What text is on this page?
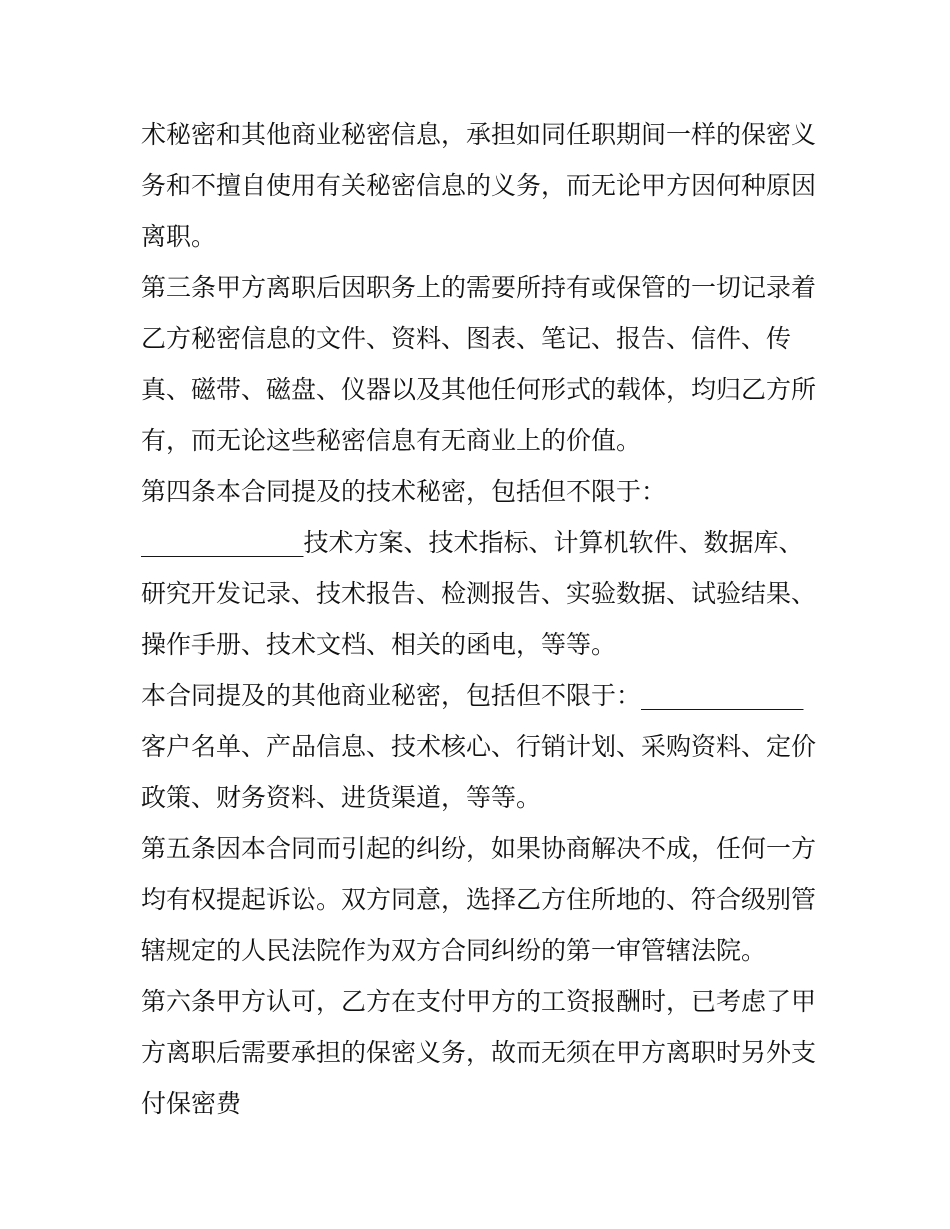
术秘密和其他商业秘密信息，承担如同任职期间一样的保密义
务和不擅自使用有关秘密信息的义务，而无论甲方因何种原因
离职。
第三条甲方离职后因职务上的需要所持有或保管的一切记录着
乙方秘密信息的文件、资料、图表、笔记、报告、信件、传
真、磁带、磁盘、仪器以及其他任何形式的载体，均归乙方所
有，而无论这些秘密信息有无商业上的价值。
第四条本合同提及的技术秘密，包括但不限于：
_____________技术方案、技术指标、计算机软件、数据库、
研究开发记录、技术报告、检测报告、实验数据、试验结果、
操作手册、技术文档、相关的函电，等等。
本合同提及的其他商业秘密，包括但不限于：_____________
客户名单、产品信息、技术核心、行销计划、采购资料、定价
政策、财务资料、进货渠道，等等。
第五条因本合同而引起的纠纷，如果协商解决不成，任何一方
均有权提起诉讼。双方同意，选择乙方住所地的、符合级别管
辖规定的人民法院作为双方合同纠纷的第一审管辖法院。
第六条甲方认可，乙方在支付甲方的工资报酬时，已考虑了甲
方离职后需要承担的保密义务，故而无须在甲方离职时另外支
付保密费
